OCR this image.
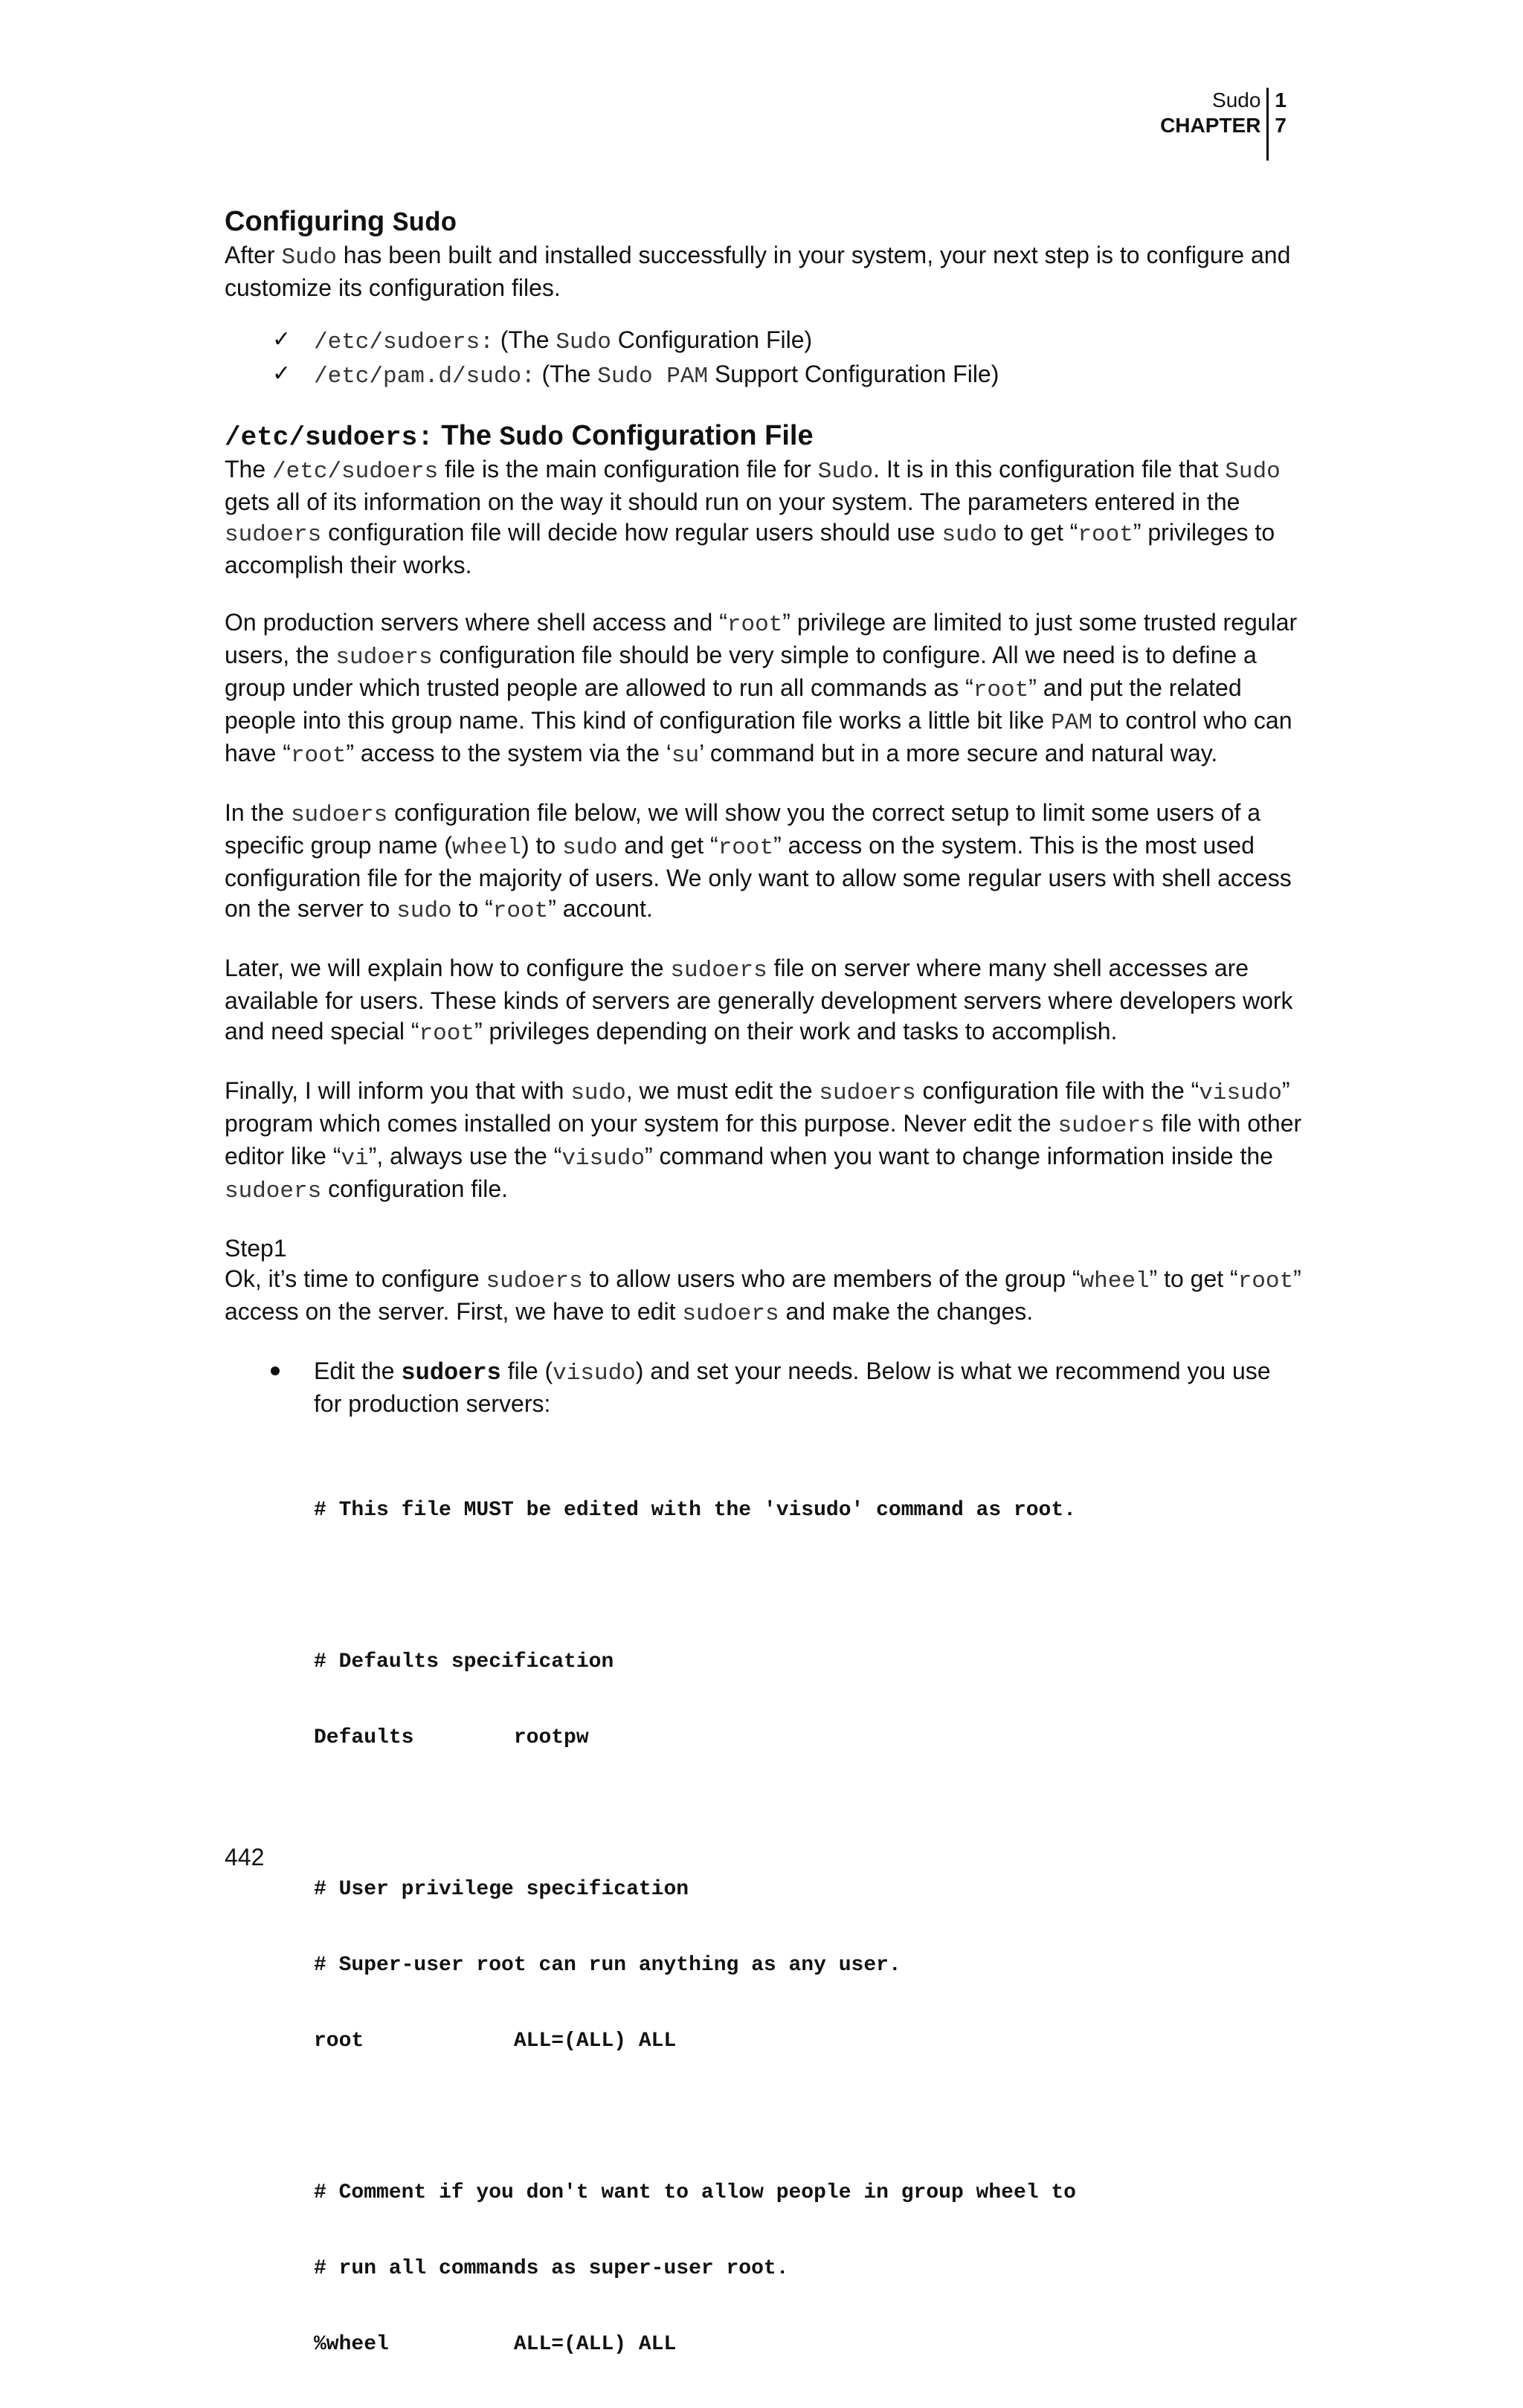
Sudo
CHAPTER
1
7
Configuring Sudo

After Sudo has been built and installed successfully in your system, your next step is to configure and customize its configuration files.

✓ /etc/sudoers: (The Sudo Configuration File)
✓ /etc/pam.d/sudo: (The Sudo PAM Support Configuration File)
/etc/sudoers: The Sudo Configuration File

The /etc/sudoers file is the main configuration file for Sudo. It is in this configuration file that Sudo gets all of its information on the way it should run on your system. The parameters entered in the sudoers configuration file will decide how regular users should use sudo to get “root” privileges to accomplish their works.

On production servers where shell access and “root” privilege are limited to just some trusted regular users, the sudoers configuration file should be very simple to configure. All we need is to define a group under which trusted people are allowed to run all commands as “root” and put the related people into this group name. This kind of configuration file works a little bit like PAM to control who can have “root” access to the system via the ‘su’ command but in a more secure and natural way.

In the sudoers configuration file below, we will show you the correct setup to limit some users of a specific group name (wheel) to sudo and get “root” access on the system. This is the most used configuration file for the majority of users. We only want to allow some regular users with shell access on the server to sudo to “root” account.

Later, we will explain how to configure the sudoers file on server where many shell accesses are available for users. These kinds of servers are generally development servers where developers work and need special “root” privileges depending on their work and tasks to accomplish.

Finally, I will inform you that with sudo, we must edit the sudoers configuration file with the “visudo” program which comes installed on your system for this purpose. Never edit the sudoers file with other editor like “vi”, always use the “visudo” command when you want to change information inside the sudoers configuration file.

Step1

Ok, it’s time to configure sudoers to allow users who are members of the group “wheel” to get “root” access on the server. First, we have to edit sudoers and make the changes.

Edit the sudoers file (visudo) and set your needs. Below is what we recommend you use for production servers:

# This file MUST be edited with the 'visudo' command as root.

# Defaults specification

Defaults        rootpw

# User privilege specification

# Super-user root can run anything as any user.

root            ALL=(ALL) ALL

# Comment if you don't want to allow people in group wheel to

# run all commands as super-user root.

%wheel          ALL=(ALL) ALL

442
